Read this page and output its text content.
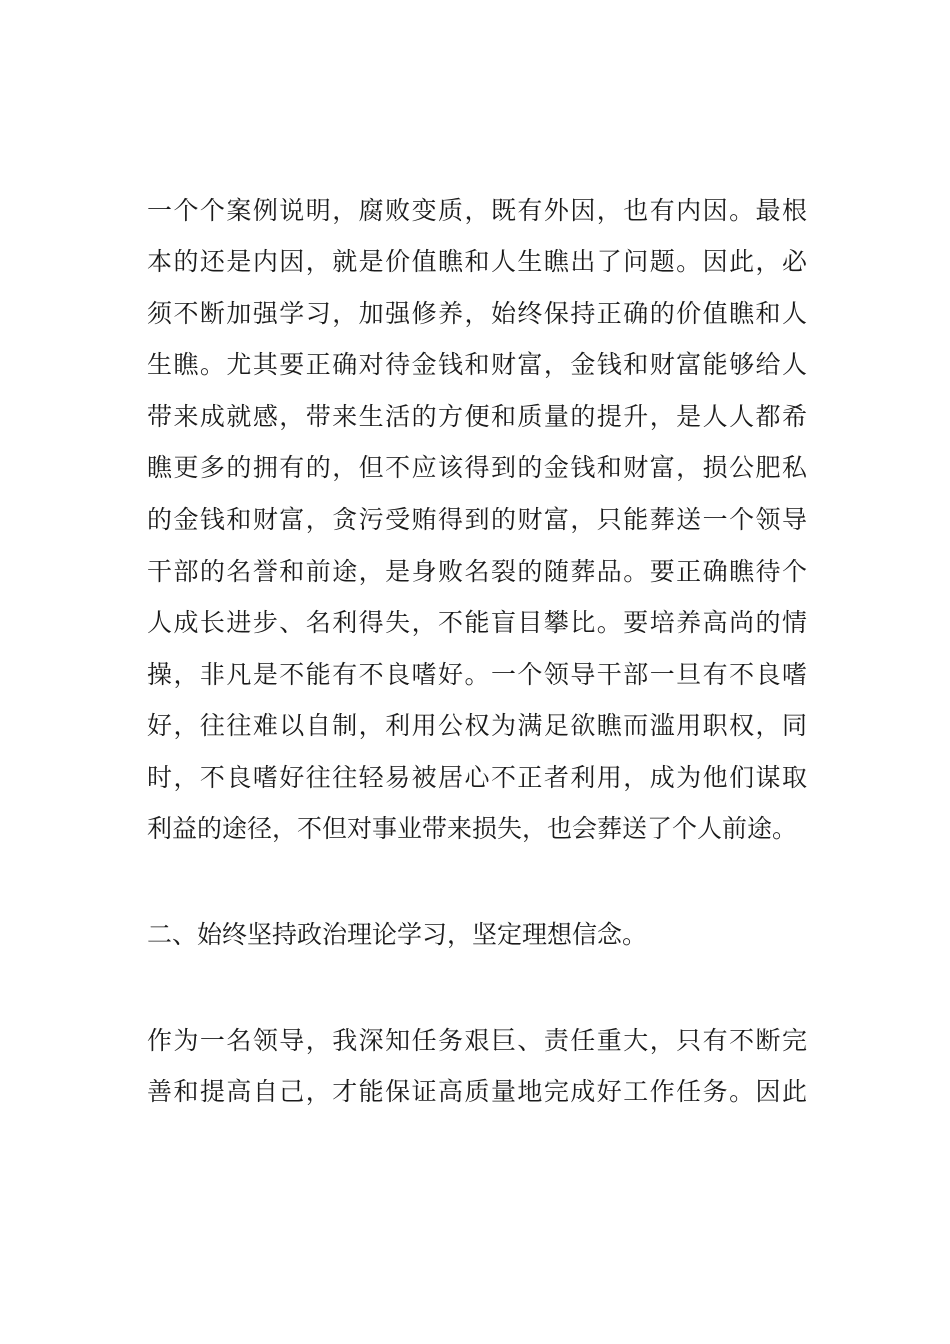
一个个案例说明，腐败变质，既有外因，也有内因。最根
本的还是内因，就是价值瞧和人生瞧出了问题。因此，必
须不断加强学习，加强修养，始终保持正确的价值瞧和人
生瞧。尤其要正确对待金钱和财富，金钱和财富能够给人
带来成就感，带来生活的方便和质量的提升，是人人都希
瞧更多的拥有的，但不应该得到的金钱和财富，损公肥私
的金钱和财富，贪污受贿得到的财富，只能葬送一个领导
干部的名誉和前途，是身败名裂的随葬品。要正确瞧待个
人成长进步、名利得失，不能盲目攀比。要培养高尚的情
操，非凡是不能有不良嗜好。一个领导干部一旦有不良嗜
好，往往难以自制，利用公权为满足欲瞧而滥用职权，同
时，不良嗜好往往轻易被居心不正者利用，成为他们谋取
利益的途径，不但对事业带来损失，也会葬送了个人前途。
二、始终坚持政治理论学习，坚定理想信念。
作为一名领导，我深知任务艰巨、责任重大，只有不断完
善和提高自己，才能保证高质量地完成好工作任务。因此
